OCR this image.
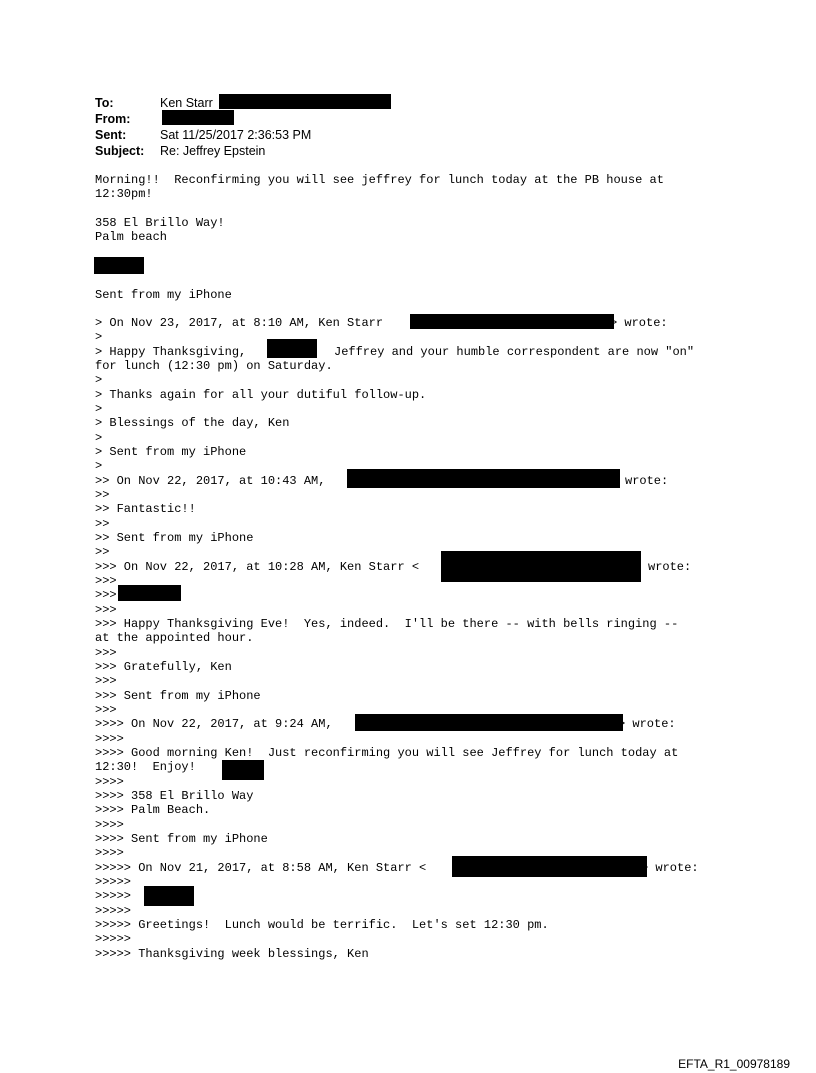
To:	Ken Starr
From:
Sent:	Sat 11/25/2017 2:36:53 PM
Subject: Re: Jeffrey Epstein
Morning!!  Reconfirming you will see jeffrey for lunch today at the PB house at
12:30pm!
358 El Brillo Way!
Palm beach
Sent from my iPhone
> On Nov 23, 2017, at 8:10 AM, Ken Starr	> wrote:
>
> Happy Thanksgiving,	Jeffrey and your humble correspondent are now "on"
for lunch (12:30 pm) on Saturday.
>
> Thanks again for all your dutiful follow-up.
>
> Blessings of the day, Ken
>
> Sent from my iPhone
>
>> On Nov 22, 2017, at 10:43 AM,	wrote:
>>
>> Fantastic!!
>>
>> Sent from my iPhone
>>
>>> On Nov 22, 2017, at 10:28 AM, Ken Starr <	wrote:
>>>
>>>
>>>
>>> Happy Thanksgiving Eve!  Yes, indeed.  I'll be there -- with bells ringing --
at the appointed hour.
>>>
>>> Gratefully, Ken
>>>
>>> Sent from my iPhone
>>>
>>>> On Nov 22, 2017, at 9:24 AM,	> wrote:
>>>>
>>>> Good morning Ken!  Just reconfirming you will see Jeffrey for lunch today at
12:30!  Enjoy!
>>>>
>>>> 358 El Brillo Way
>>>> Palm Beach.
>>>>
>>>> Sent from my iPhone
>>>>
>>>>> On Nov 21, 2017, at 8:58 AM, Ken Starr <	> wrote:
>>>>>
>>>>>
>>>>>
>>>>> Greetings!  Lunch would be terrific.  Let's set 12:30 pm.
>>>>>
>>>>> Thanksgiving week blessings, Ken
EFTA_R1_00978189
